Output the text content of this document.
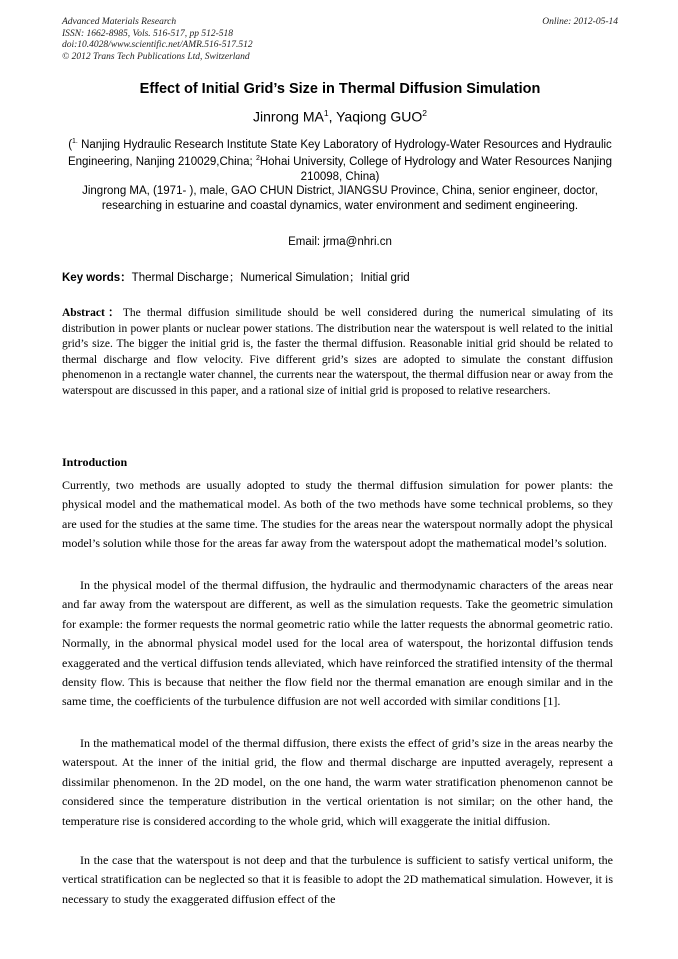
Advanced Materials Research
ISSN: 1662-8985, Vols. 516-517, pp 512-518
doi:10.4028/www.scientific.net/AMR.516-517.512
© 2012 Trans Tech Publications Ltd, Switzerland
Online: 2012-05-14
Effect of Initial Grid’s Size in Thermal Diffusion Simulation
Jinrong $MA^1$, Yaqiong GUO$^2$
($^{1.}$ Nanjing Hydraulic Research Institute State Key Laboratory of Hydrology-Water Resources and Hydraulic Engineering, Nanjing 210029,China; $^2$Hohai University, College of Hydrology and Water Resources Nanjing 210098, China)
Jingrong MA, (1971- ), male, GAO CHUN District, JIANGSU Province, China, senior engineer, doctor, researching in estuarine and coastal dynamics, water environment and sediment engineering.
Email: jrma@nhri.cn
Key words：Thermal Discharge；Numerical Simulation；Initial grid
Abstract：The thermal diffusion similitude should be well considered during the numerical simulating of its distribution in power plants or nuclear power stations. The distribution near the waterspout is well related to the initial grid’s size. The bigger the initial grid is, the faster the thermal diffusion. Reasonable initial grid should be related to thermal discharge and flow velocity. Five different grid’s sizes are adopted to simulate the constant diffusion phenomenon in a rectangle water channel, the currents near the waterspout, the thermal diffusion near or away from the waterspout are discussed in this paper, and a rational size of initial grid is proposed to relative researchers.
Introduction
Currently, two methods are usually adopted to study the thermal diffusion simulation for power plants: the physical model and the mathematical model. As both of the two methods have some technical problems, so they are used for the studies at the same time. The studies for the areas near the waterspout normally adopt the physical model’s solution while those for the areas far away from the waterspout adopt the mathematical model’s solution.
In the physical model of the thermal diffusion, the hydraulic and thermodynamic characters of the areas near and far away from the waterspout are different, as well as the simulation requests. Take the geometric simulation for example: the former requests the normal geometric ratio while the latter requests the abnormal geometric ratio. Normally, in the abnormal physical model used for the local area of waterspout, the horizontal diffusion tends exaggerated and the vertical diffusion tends alleviated, which have reinforced the stratified intensity of the thermal density flow. This is because that neither the flow field nor the thermal emanation are enough similar and in the same time, the coefficients of the turbulence diffusion are not well accorded with similar conditions [1].
In the mathematical model of the thermal diffusion, there exists the effect of grid’s size in the areas nearby the waterspout. At the inner of the initial grid, the flow and thermal discharge are inputted averagely, represent a dissimilar phenomenon. In the 2D model, on the one hand, the warm water stratification phenomenon cannot be considered since the temperature distribution in the vertical orientation is not similar; on the other hand, the temperature rise is considered according to the whole grid, which will exaggerate the initial diffusion.
In the case that the waterspout is not deep and that the turbulence is sufficient to satisfy vertical uniform, the vertical stratification can be neglected so that it is feasible to adopt the 2D mathematical simulation. However, it is necessary to study the exaggerated diffusion effect of the
